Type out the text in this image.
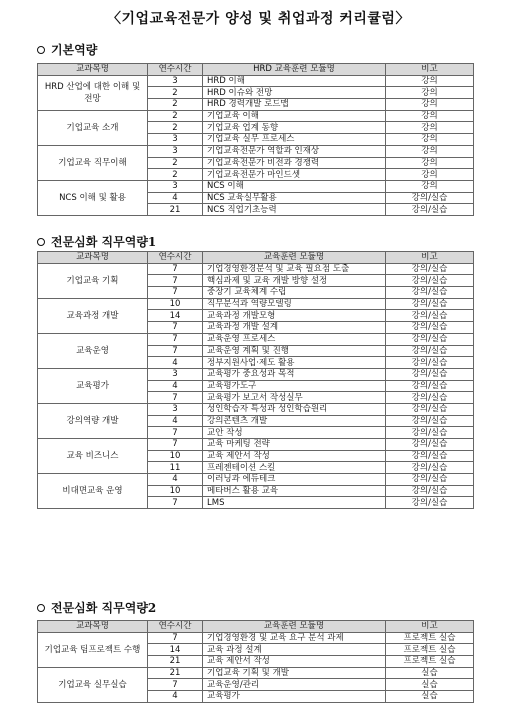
〈기업교육전문가 양성 및 취업과정 커리큘럼〉
기본역량
교과목명	연수시간	HRD 교육훈련 모듈명	비고
HRD 산업에 대한 이해 및 전망	3	HRD 이해	강의
	2	HRD 이슈와 전망	강의
	2	HRD 경력개발 로드맵	강의
기업교육 소개	2	기업교육 이해	강의
	2	기업교육 업계 동향	강의
	3	기업교육 실무 프로세스	강의
기업교육 직무이해	3	기업교육전문가 역할과 인재상	강의
	2	기업교육전문가 비전과 경쟁력	강의
	2	기업교육전문가 마인드셋	강의
NCS 이해 및 활용	3	NCS 이해	강의
	4	NCS 교육실무활용	강의/실습
	21	NCS 직업기초능력	강의/실습
전문심화 직무역량1
교과목명	연수시간	교육훈련 모듈명	비고
기업교육 기획	7	기업경영환경분석 및 교육 필요점 도출	강의/실습
	7	핵심과제 및 교육 개발 방향 설정	강의/실습
	7	중장기 교육체계 수립	강의/실습
교육과정 개발	10	직무분석과 역량모델링	강의/실습
	14	교육과정 개발모형	강의/실습
	7	교육과정 개발 설계	강의/실습
교육운영	7	교육운영 프로세스	강의/실습
	7	교육운영 계획 및 진행	강의/실습
	4	정부지원사업·제도 활용	강의/실습
교육평가	3	교육평가 중요성과 목적	강의/실습
	4	교육평가도구	강의/실습
	7	교육평가 보고서 작성실무	강의/실습
강의역량 개발	3	성인학습자 특성과 성인학습원리	강의/실습
	4	강의콘텐츠 개발	강의/실습
	7	교안 작성	강의/실습
교육 비즈니스	7	교육 마케팅 전략	강의/실습
	10	교육 제안서 작성	강의/실습
	11	프레젠테이션 스킬	강의/실습
비대면교육 운영	4	이러닝과 에듀테크	강의/실습
	10	메타버스 활용 교육	강의/실습
	7	LMS	강의/실습
전문심화 직무역량2
교과목명	연수시간	교육훈련 모듈명	비고
기업교육 팀프로젝트 수행	7	기업경영환경 및 교육 요구 분석 과제	프로젝트 실습
	14	교육 과정 설계	프로젝트 실습
	21	교육 제안서 작성	프로젝트 실습
기업교육 실무실습	21	기업교육 기획 및 개발	실습
	7	교육운영/관리	실습
	4	교육평가	실습
